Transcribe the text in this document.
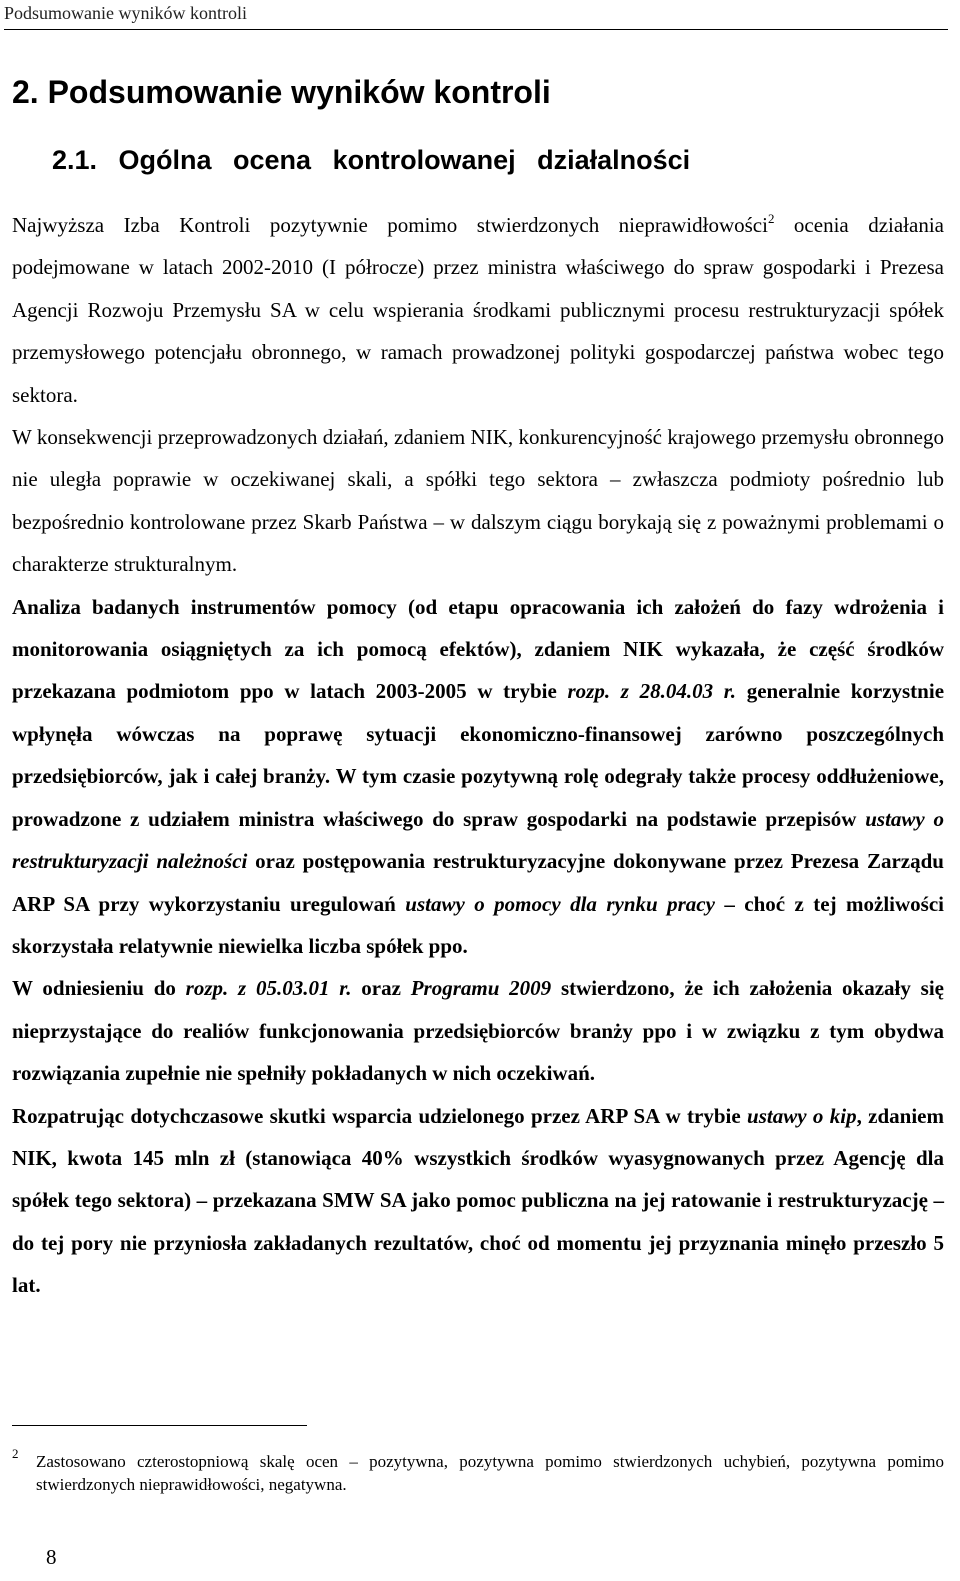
Podsumowanie wyników kontroli
2. Podsumowanie wyników kontroli
2.1. Ogólna ocena kontrolowanej działalności

Najwyższa Izba Kontroli pozytywnie pomimo stwierdzonych nieprawidłowości$^2$ ocenia działania podejmowane w latach 2002-2010 (I półrocze) przez ministra właściwego do spraw gospodarki i Prezesa Agencji Rozwoju Przemysłu SA w celu wspierania środkami publicznymi procesu restrukturyzacji spółek przemysłowego potencjału obronnego, w ramach prowadzonej polityki gospodarczej państwa wobec tego sektora.

W konsekwencji przeprowadzonych działań, zdaniem NIK, konkurencyjność krajowego przemysłu obronnego nie uległa poprawie w oczekiwanej skali, a spółki tego sektora – zwłaszcza podmioty pośrednio lub bezpośrednio kontrolowane przez Skarb Państwa – w dalszym ciągu borykają się z poważnymi problemami o charakterze strukturalnym.

Analiza badanych instrumentów pomocy (od etapu opracowania ich założeń do fazy wdrożenia i monitorowania osiągniętych za ich pomocą efektów), zdaniem NIK wykazała, że część środków przekazana podmiotom ppo w latach 2003-2005 w trybie rozp. z 28.04.03 r. generalnie korzystnie wpłynęła wówczas na poprawę sytuacji ekonomiczno-finansowej zarówno poszczególnych przedsiębiorców, jak i całej branży. W tym czasie pozytywną rolę odegrały także procesy oddłużeniowe, prowadzone z udziałem ministra właściwego do spraw gospodarki na podstawie przepisów ustawy o restrukturyzacji należności oraz postępowania restrukturyzacyjne dokonywane przez Prezesa Zarządu ARP SA przy wykorzystaniu uregulowań ustawy o pomocy dla rynku pracy – choć z tej możliwości skorzystała relatywnie niewielka liczba spółek ppo.

W odniesieniu do rozp. z 05.03.01 r. oraz Programu 2009 stwierdzono, że ich założenia okazały się nieprzystające do realiów funkcjonowania przedsiębiorców branży ppo i w związku z tym obydwa rozwiązania zupełnie nie spełniły pokładanych w nich oczekiwań.

Rozpatrując dotychczasowe skutki wsparcia udzielonego przez ARP SA w trybie ustawy o kip, zdaniem NIK, kwota 145 mln zł (stanowiąca 40% wszystkich środków wyasygnowanych przez Agencję dla spółek tego sektora) – przekazana SMW SA jako pomoc publiczna na jej ratowanie i restrukturyzację – do tej pory nie przyniosła zakładanych rezultatów, choć od momentu jej przyznania minęło przeszło 5 lat.

2 Zastosowano czterostopniową skalę ocen – pozytywna, pozytywna pomimo stwierdzonych uchybień, pozytywna pomimo stwierdzonych nieprawidłowości, negatywna.
8
